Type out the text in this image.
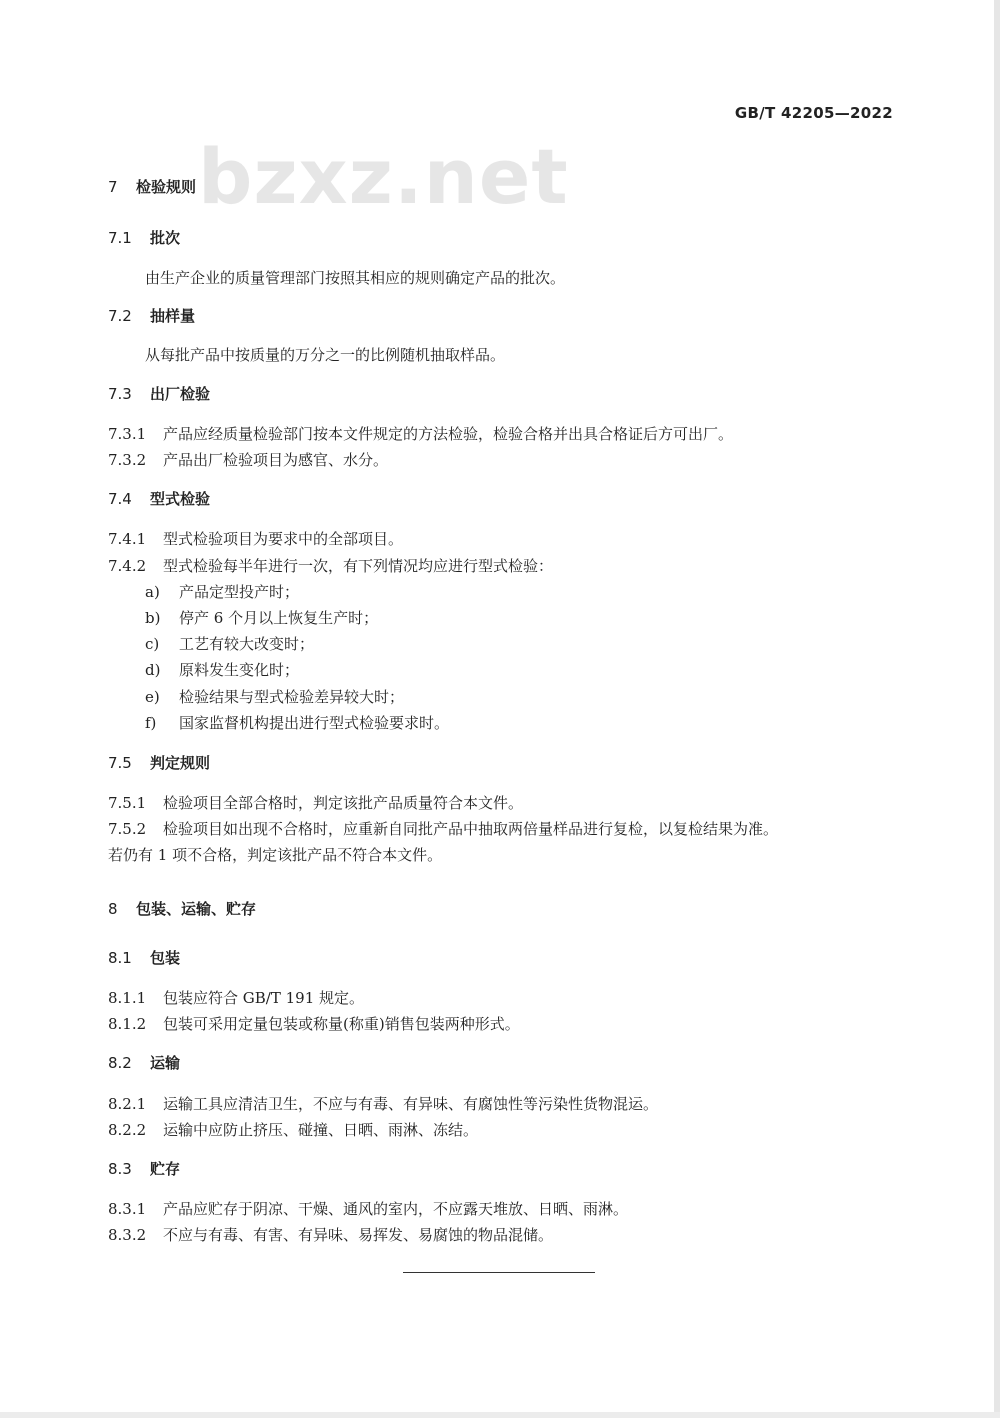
GB/T 42205—2022
bzxz.net
7 检验规则
7.1 批次
由生产企业的质量管理部门按照其相应的规则确定产品的批次。
7.2 抽样量
从每批产品中按质量的万分之一的比例随机抽取样品。
7.3 出厂检验
7.3.1 产品应经质量检验部门按本文件规定的方法检验，检验合格并出具合格证后方可出厂。
7.3.2 产品出厂检验项目为感官、水分。
7.4 型式检验
7.4.1 型式检验项目为要求中的全部项目。
7.4.2 型式检验每半年进行一次，有下列情况均应进行型式检验：
a) 产品定型投产时；
b) 停产 6 个月以上恢复生产时；
c) 工艺有较大改变时；
d) 原料发生变化时；
e) 检验结果与型式检验差异较大时；
f) 国家监督机构提出进行型式检验要求时。
7.5 判定规则
7.5.1 检验项目全部合格时，判定该批产品质量符合本文件。
7.5.2 检验项目如出现不合格时，应重新自同批产品中抽取两倍量样品进行复检，以复检结果为准。
若仍有 1 项不合格，判定该批产品不符合本文件。
8 包装、运输、贮存
8.1 包装
8.1.1 包装应符合 GB/T 191 规定。
8.1.2 包装可采用定量包装或称量(称重)销售包装两种形式。
8.2 运输
8.2.1 运输工具应清洁卫生，不应与有毒、有异味、有腐蚀性等污染性货物混运。
8.2.2 运输中应防止挤压、碰撞、日晒、雨淋、冻结。
8.3 贮存
8.3.1 产品应贮存于阴凉、干燥、通风的室内，不应露天堆放、日晒、雨淋。
8.3.2 不应与有毒、有害、有异味、易挥发、易腐蚀的物品混储。
